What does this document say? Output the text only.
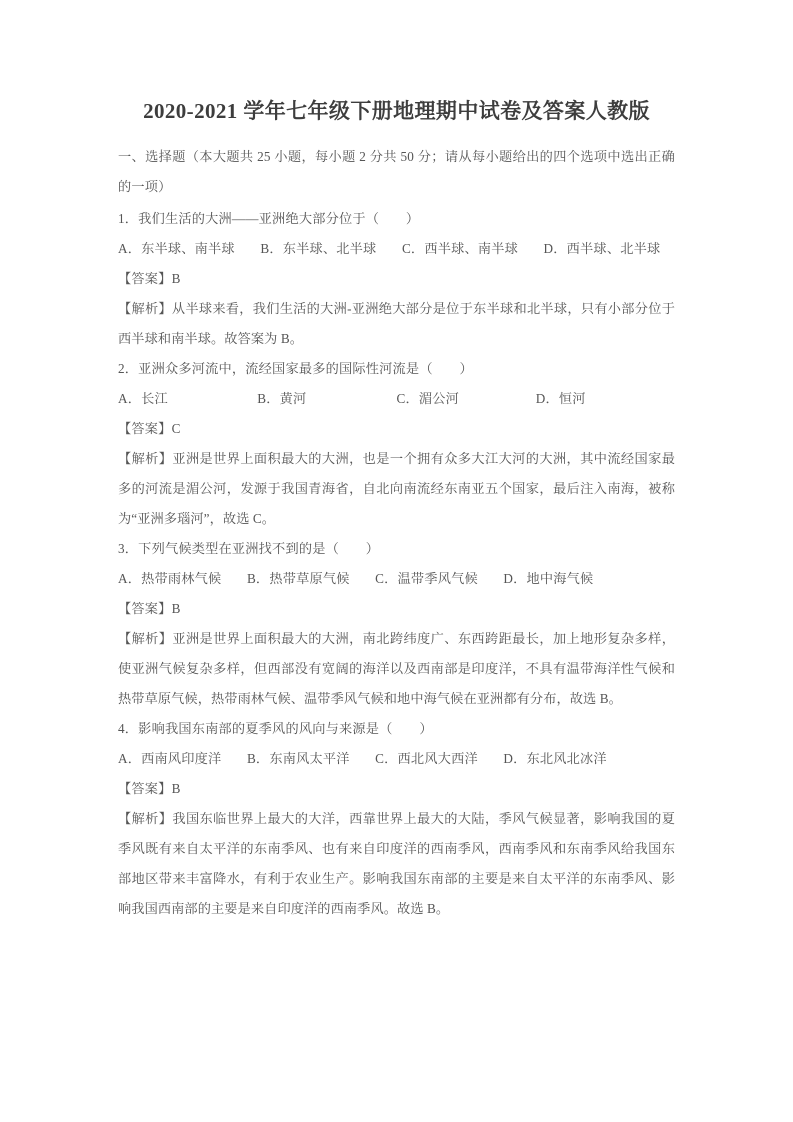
2020-2021 学年七年级下册地理期中试卷及答案人教版

一、选择题（本大题共 25 小题，每小题 2 分共 50 分；请从每小题给出的四个选项中选出正确的一项）

1．我们生活的大洲——亚洲绝大部分位于（　　）
A．东半球、南半球 B．东半球、北半球 C．西半球、南半球 D．西半球、北半球
【答案】B

【解析】从半球来看，我们生活的大洲-亚洲绝大部分是位于东半球和北半球，只有小部分位于西半球和南半球。故答案为 B。

2．亚洲众多河流中，流经国家最多的国际性河流是（　　）
A．长江	B．黄河	C．湄公河	D．恒河
【答案】C

【解析】亚洲是世界上面积最大的大洲，也是一个拥有众多大江大河的大洲，其中流经国家最多的河流是湄公河，发源于我国青海省，自北向南流经东南亚五个国家，最后注入南海，被称为“亚洲多瑙河”，故选 C。

3．下列气候类型在亚洲找不到的是（　　）
A．热带雨林气候 B．热带草原气候 C．温带季风气候 D．地中海气候
【答案】B

【解析】亚洲是世界上面积最大的大洲，南北跨纬度广、东西跨距最长，加上地形复杂多样，使亚洲气候复杂多样，但西部没有宽阔的海洋以及西南部是印度洋，不具有温带海洋性气候和热带草原气候，热带雨林气候、温带季风气候和地中海气候在亚洲都有分布，故选 B。

4．影响我国东南部的夏季风的风向与来源是（　　）
A．西南风印度洋 B．东南风太平洋 C．西北风大西洋 D．东北风北冰洋
【答案】B

【解析】我国东临世界上最大的大洋，西靠世界上最大的大陆，季风气候显著，影响我国的夏季风既有来自太平洋的东南季风、也有来自印度洋的西南季风，西南季风和东南季风给我国东部地区带来丰富降水，有利于农业生产。影响我国东南部的主要是来自太平洋的东南季风、影响我国西南部的主要是来自印度洋的西南季风。故选 B。
